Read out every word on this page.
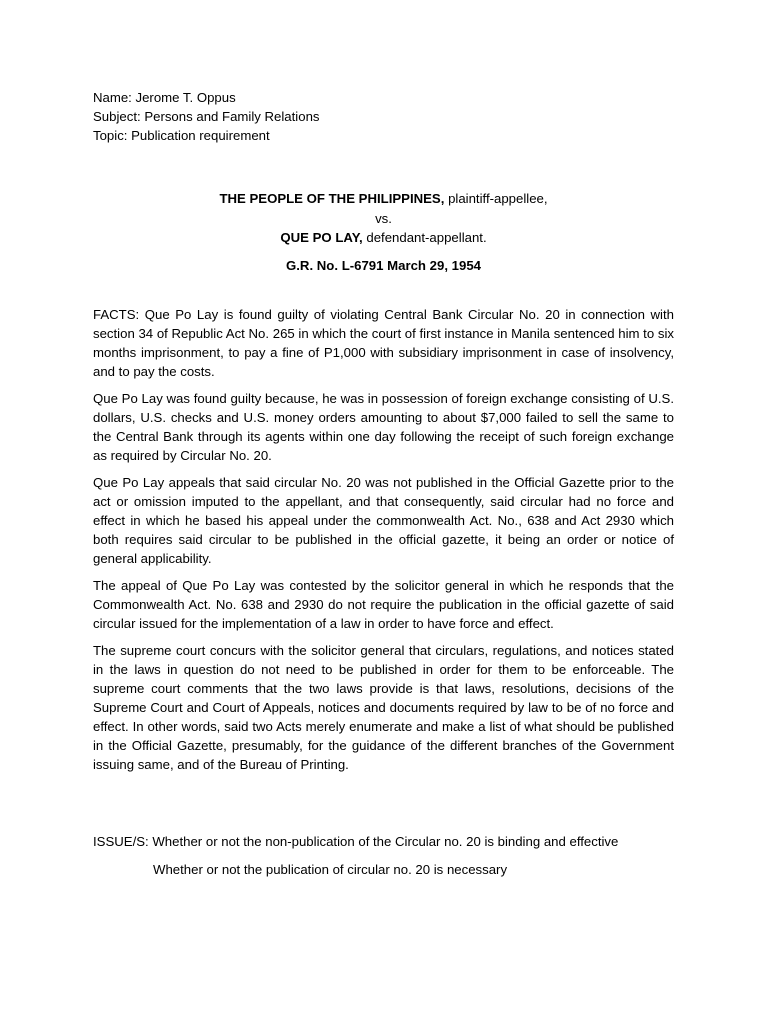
Name: Jerome T. Oppus

Subject: Persons and Family Relations

Topic: Publication requirement

THE PEOPLE OF THE PHILIPPINES, plaintiff-appellee,

vs.

QUE PO LAY, defendant-appellant.

G.R. No. L-6791 March 29, 1954

FACTS: Que Po Lay is found guilty of violating Central Bank Circular No. 20 in connection with section 34 of Republic Act No. 265 in which the court of first instance in Manila sentenced him to six months imprisonment, to pay a fine of P1,000 with subsidiary imprisonment in case of insolvency, and to pay the costs.

Que Po Lay was found guilty because, he was in possession of foreign exchange consisting of U.S. dollars, U.S. checks and U.S. money orders amounting to about $7,000 failed to sell the same to the Central Bank through its agents within one day following the receipt of such foreign exchange as required by Circular No. 20.

Que Po Lay appeals that said circular No. 20 was not published in the Official Gazette prior to the act or omission imputed to the appellant, and that consequently, said circular had no force and effect in which he based his appeal under the commonwealth Act. No., 638 and Act 2930 which both requires said circular to be published in the official gazette, it being an order or notice of general applicability.

The appeal of Que Po Lay was contested by the solicitor general in which he responds that the Commonwealth Act. No. 638 and 2930 do not require the publication in the official gazette of said circular issued for the implementation of a law in order to have force and effect.

The supreme court concurs with the solicitor general that circulars, regulations, and notices stated in the laws in question do not need to be published in order for them to be enforceable. The supreme court comments that the two laws provide is that laws, resolutions, decisions of the Supreme Court and Court of Appeals, notices and documents required by law to be of no force and effect. In other words, said two Acts merely enumerate and make a list of what should be published in the Official Gazette, presumably, for the guidance of the different branches of the Government issuing same, and of the Bureau of Printing.

ISSUE/S: Whether or not the non-publication of the Circular no. 20 is binding and effective

Whether or not the publication of circular no. 20 is necessary
